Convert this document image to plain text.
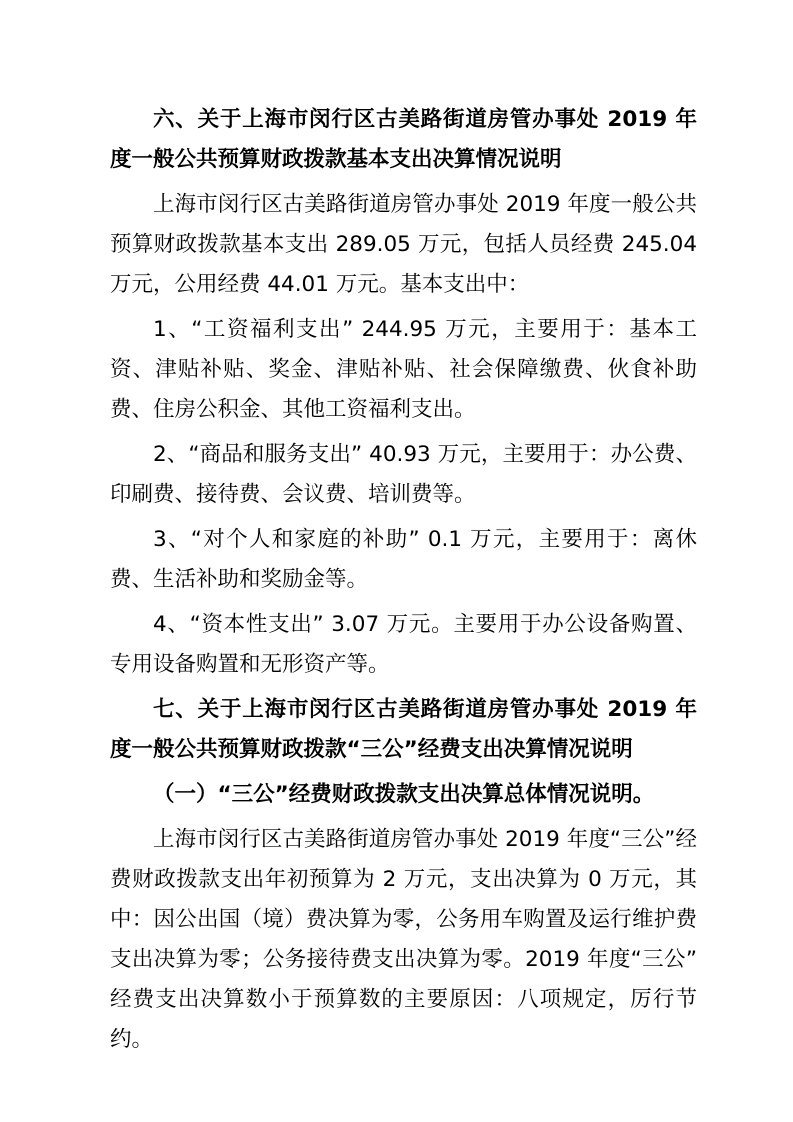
六、关于上海市闵行区古美路街道房管办事处 2019 年度一般公共预算财政拨款基本支出决算情况说明

上海市闵行区古美路街道房管办事处 2019 年度一般公共预算财政拨款基本支出 289.05 万元，包括人员经费 245.04 万元，公用经费 44.01 万元。基本支出中：

1、“工资福利支出” 244.95 万元，主要用于：基本工资、津贴补贴、奖金、津贴补贴、社会保障缴费、伙食补助费、住房公积金、其他工资福利支出。

2、“商品和服务支出” 40.93 万元，主要用于：办公费、印刷费、接待费、会议费、培训费等。

3、“对个人和家庭的补助” 0.1 万元，主要用于：离休费、生活补助和奖励金等。

4、“资本性支出” 3.07 万元。主要用于办公设备购置、专用设备购置和无形资产等。

七、关于上海市闵行区古美路街道房管办事处 2019 年度一般公共预算财政拨款“三公”经费支出决算情况说明

（一）“三公”经费财政拨款支出决算总体情况说明。

上海市闵行区古美路街道房管办事处 2019 年度“三公”经费财政拨款支出年初预算为 2 万元，支出决算为 0 万元，其中：因公出国（境）费决算为零，公务用车购置及运行维护费支出决算为零；公务接待费支出决算为零。2019 年度“三公”经费支出决算数小于预算数的主要原因：八项规定，厉行节约。
